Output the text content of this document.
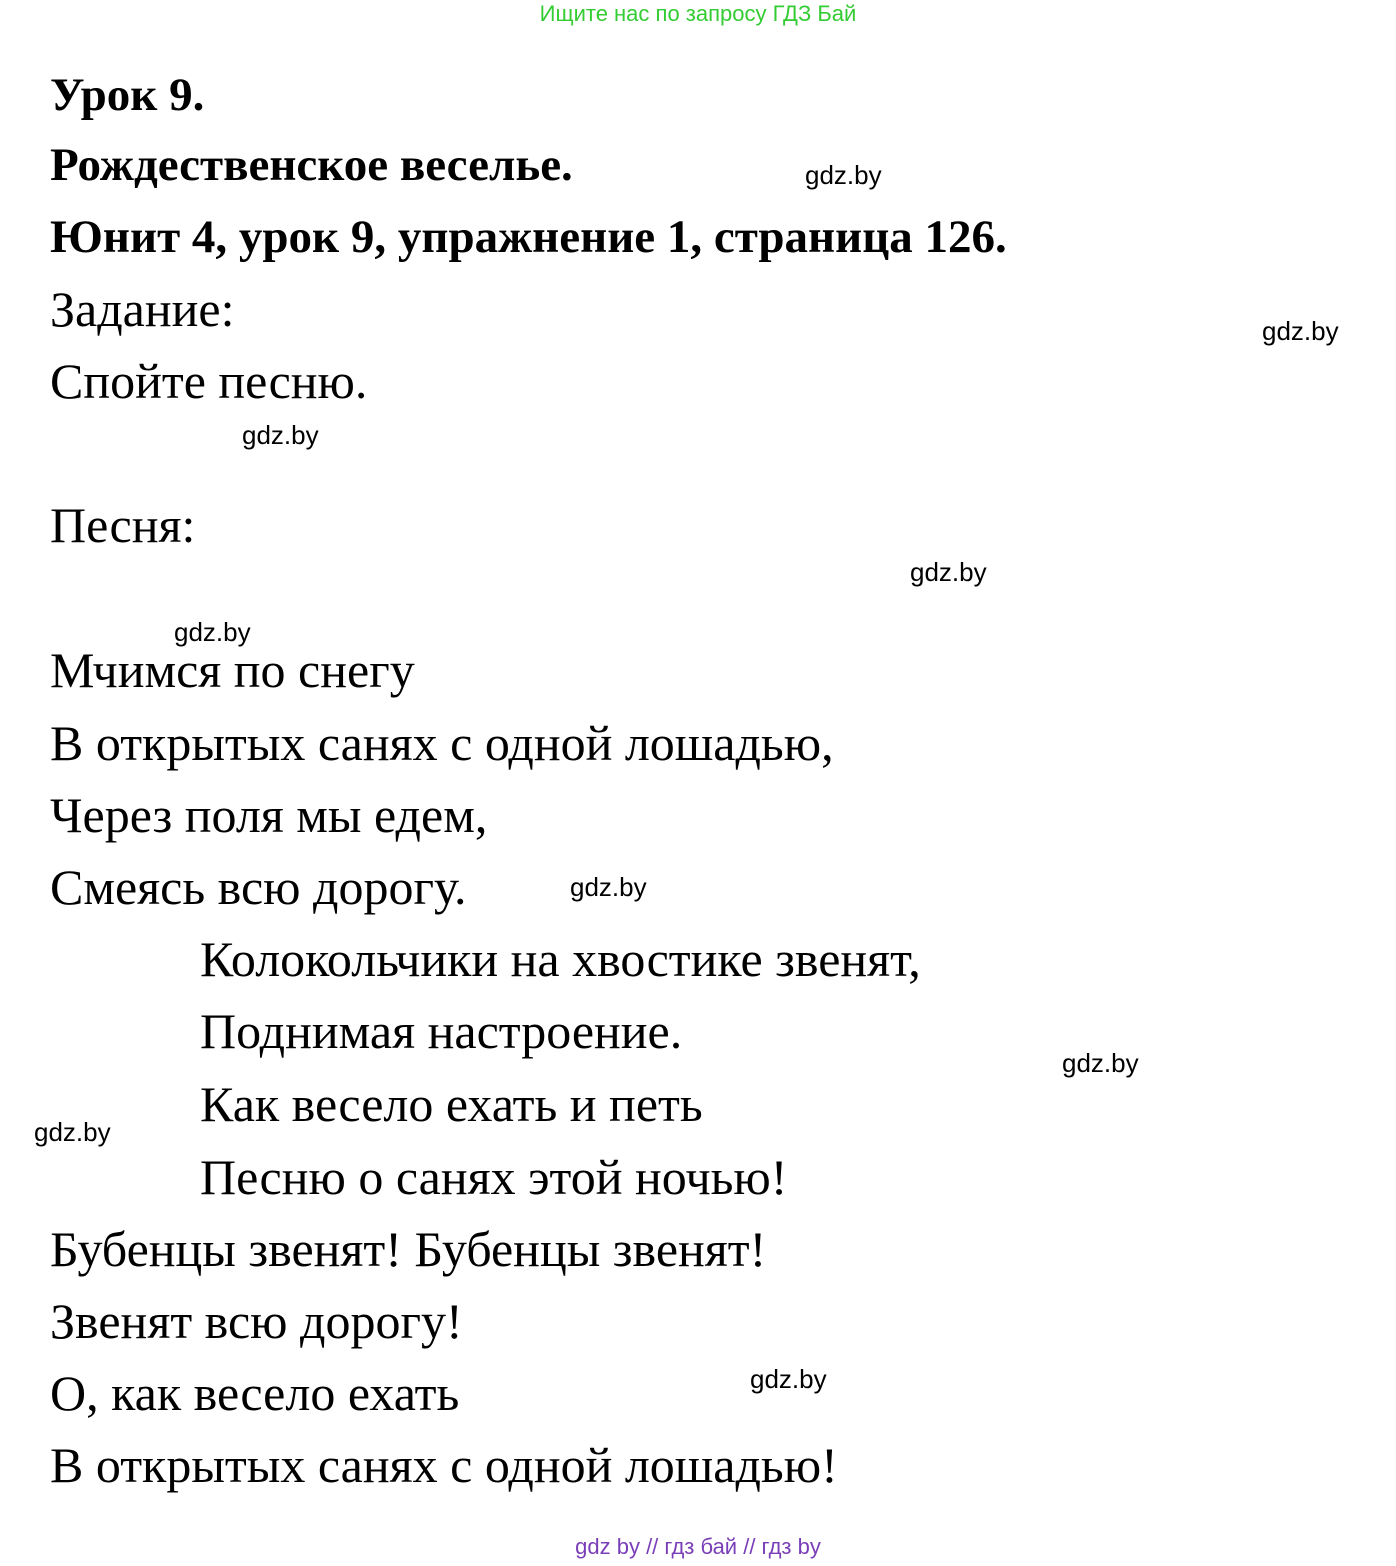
Ищите нас по запросу ГДЗ Бай

Урок 9.

Рождественское веселье.

Юнит 4, урок 9, упражнение 1, страница 126.

Задание:

Спойте песню.

Песня:

Мчимся по снегу

В открытых санях с одной лошадью,

Через поля мы едем,

Смеясь всю дорогу.

Колокольчики на хвостике звенят,

Поднимая настроение.

Как весело ехать и петь

Песню о санях этой ночью!

Бубенцы звенят! Бубенцы звенят!

Звенят всю дорогу!

О, как весело ехать

В открытых санях с одной лошадью!

gdz.by
gdz.by
gdz.by
gdz.by
gdz.by
gdz.by
gdz.by
gdz.by
gdz.by
gdz by // гдз бай // гдз by
